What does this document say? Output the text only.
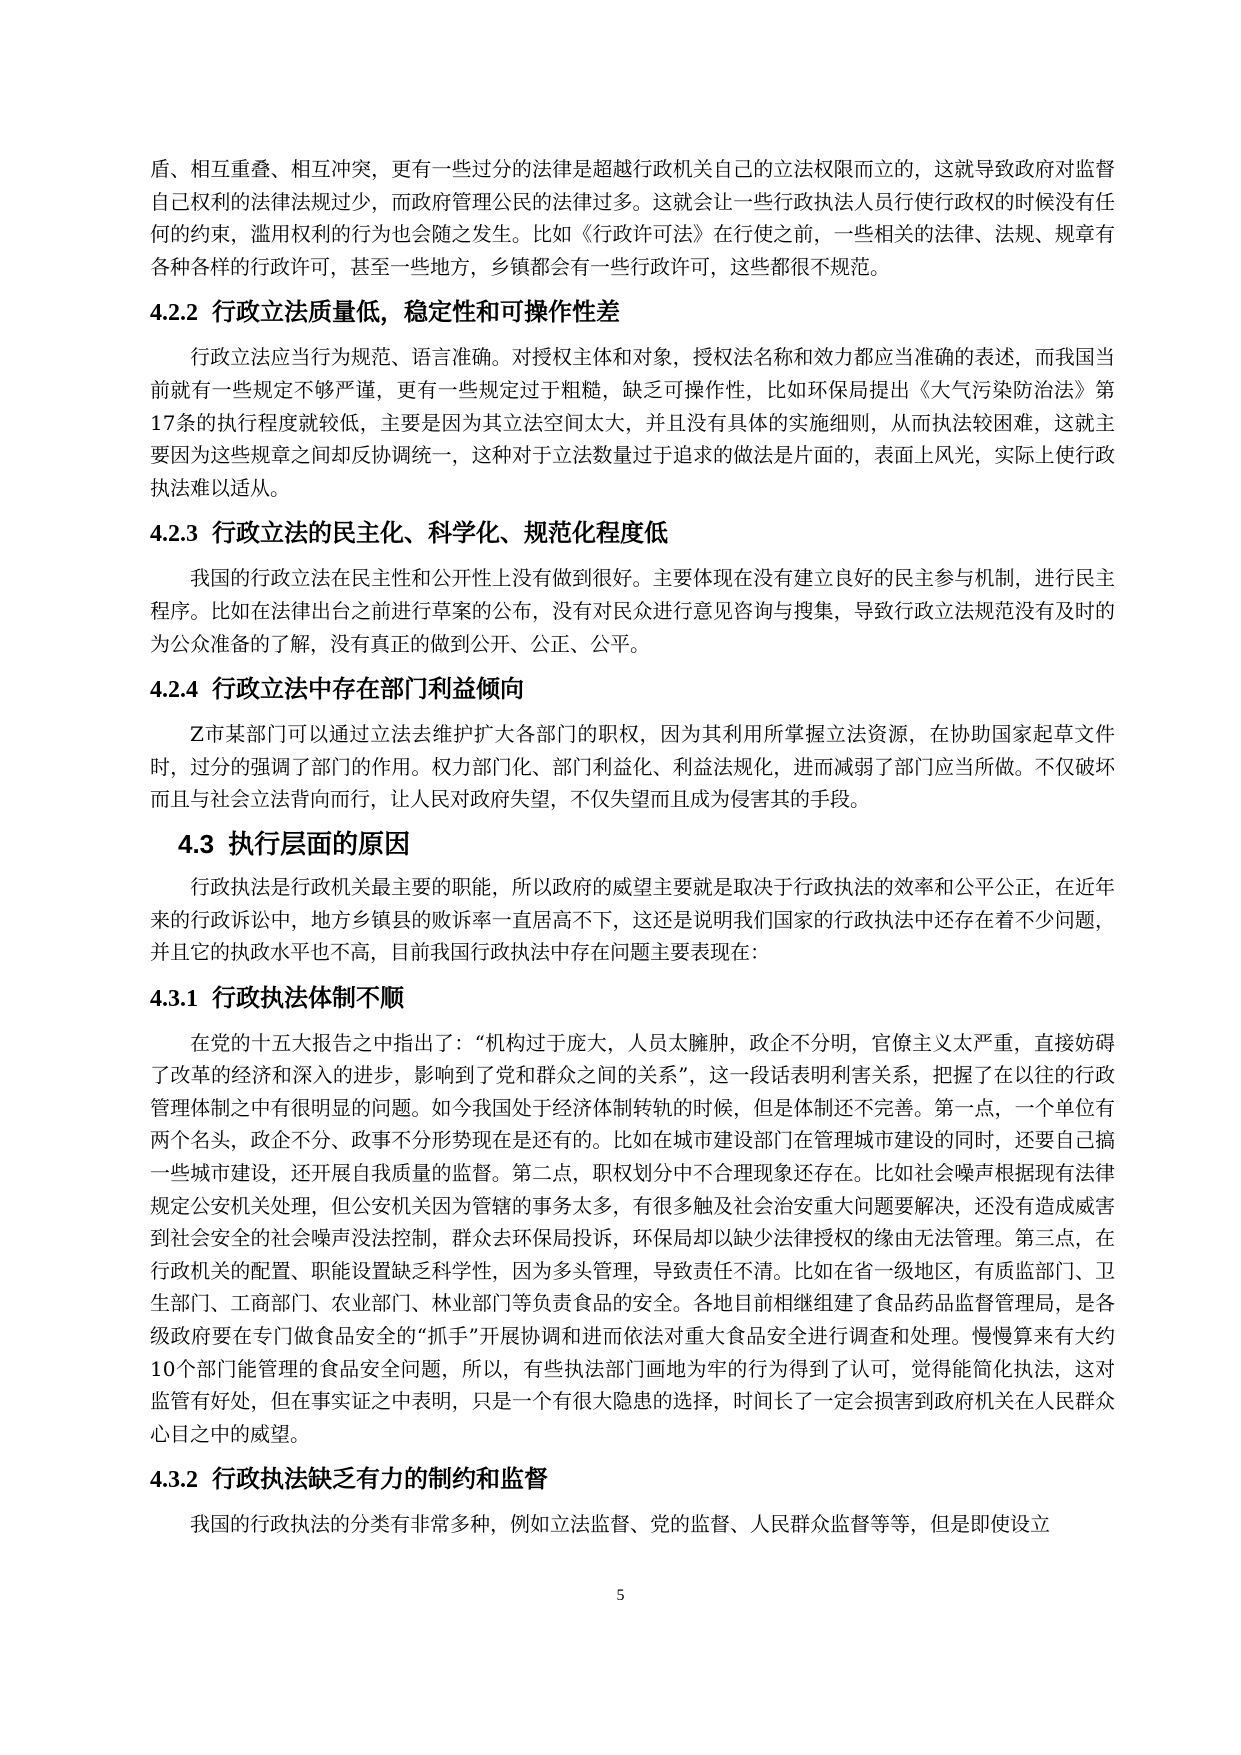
盾、相互重叠、相互冲突，更有一些过分的法律是超越行政机关自己的立法权限而立的，这就导致政府对监督自己权利的法律法规过少，而政府管理公民的法律过多。这就会让一些行政执法人员行使行政权的时候没有任何的约束，滥用权利的行为也会随之发生。比如《行政许可法》在行使之前，一些相关的法律、法规、规章有各种各样的行政许可，甚至一些地方，乡镇都会有一些行政许可，这些都很不规范。

4.2.2 行政立法质量低，稳定性和可操作性差

行政立法应当行为规范、语言准确。对授权主体和对象，授权法名称和效力都应当准确的表述，而我国当前就有一些规定不够严谨，更有一些规定过于粗糙，缺乏可操作性，比如环保局提出《大气污染防治法》第17条的执行程度就较低，主要是因为其立法空间太大，并且没有具体的实施细则，从而执法较困难，这就主要因为这些规章之间却反协调统一，这种对于立法数量过于追求的做法是片面的，表面上风光，实际上使行政执法难以适从。

4.2.3 行政立法的民主化、科学化、规范化程度低

我国的行政立法在民主性和公开性上没有做到很好。主要体现在没有建立良好的民主参与机制，进行民主程序。比如在法律出台之前进行草案的公布，没有对民众进行意见咨询与搜集，导致行政立法规范没有及时的为公众准备的了解，没有真正的做到公开、公正、公平。

4.2.4 行政立法中存在部门利益倾向

Z市某部门可以通过立法去维护扩大各部门的职权，因为其利用所掌握立法资源，在协助国家起草文件时，过分的强调了部门的作用。权力部门化、部门利益化、利益法规化，进而减弱了部门应当所做。不仅破坏而且与社会立法背向而行，让人民对政府失望，不仅失望而且成为侵害其的手段。

4.3 执行层面的原因

行政执法是行政机关最主要的职能，所以政府的威望主要就是取决于行政执法的效率和公平公正，在近年来的行政诉讼中，地方乡镇县的败诉率一直居高不下，这还是说明我们国家的行政执法中还存在着不少问题，并且它的执政水平也不高，目前我国行政执法中存在问题主要表现在：

4.3.1 行政执法体制不顺

在党的十五大报告之中指出了：“机构过于庞大，人员太臃肿，政企不分明，官僚主义太严重，直接妨碍了改革的经济和深入的进步，影响到了党和群众之间的关系”，这一段话表明利害关系，把握了在以往的行政管理体制之中有很明显的问题。如今我国处于经济体制转轨的时候，但是体制还不完善。第一点，一个单位有两个名头，政企不分、政事不分形势现在是还有的。比如在城市建设部门在管理城市建设的同时，还要自己搞一些城市建设，还开展自我质量的监督。第二点，职权划分中不合理现象还存在。比如社会噪声根据现有法律规定公安机关处理，但公安机关因为管辖的事务太多，有很多触及社会治安重大问题要解决，还没有造成威害到社会安全的社会噪声没法控制，群众去环保局投诉，环保局却以缺少法律授权的缘由无法管理。第三点，在行政机关的配置、职能设置缺乏科学性，因为多头管理，导致责任不清。比如在省一级地区，有质监部门、卫生部门、工商部门、农业部门、林业部门等负责食品的安全。各地目前相继组建了食品药品监督管理局，是各级政府要在专门做食品安全的“抓手”开展协调和进而依法对重大食品安全进行调查和处理。慢慢算来有大约10个部门能管理的食品安全问题，所以，有些执法部门画地为牢的行为得到了认可，觉得能简化执法，这对监管有好处，但在事实证之中表明，只是一个有很大隐患的选择，时间长了一定会损害到政府机关在人民群众心目之中的威望。

4.3.2 行政执法缺乏有力的制约和监督

我国的行政执法的分类有非常多种，例如立法监督、党的监督、人民群众监督等等，但是即使设立

5
